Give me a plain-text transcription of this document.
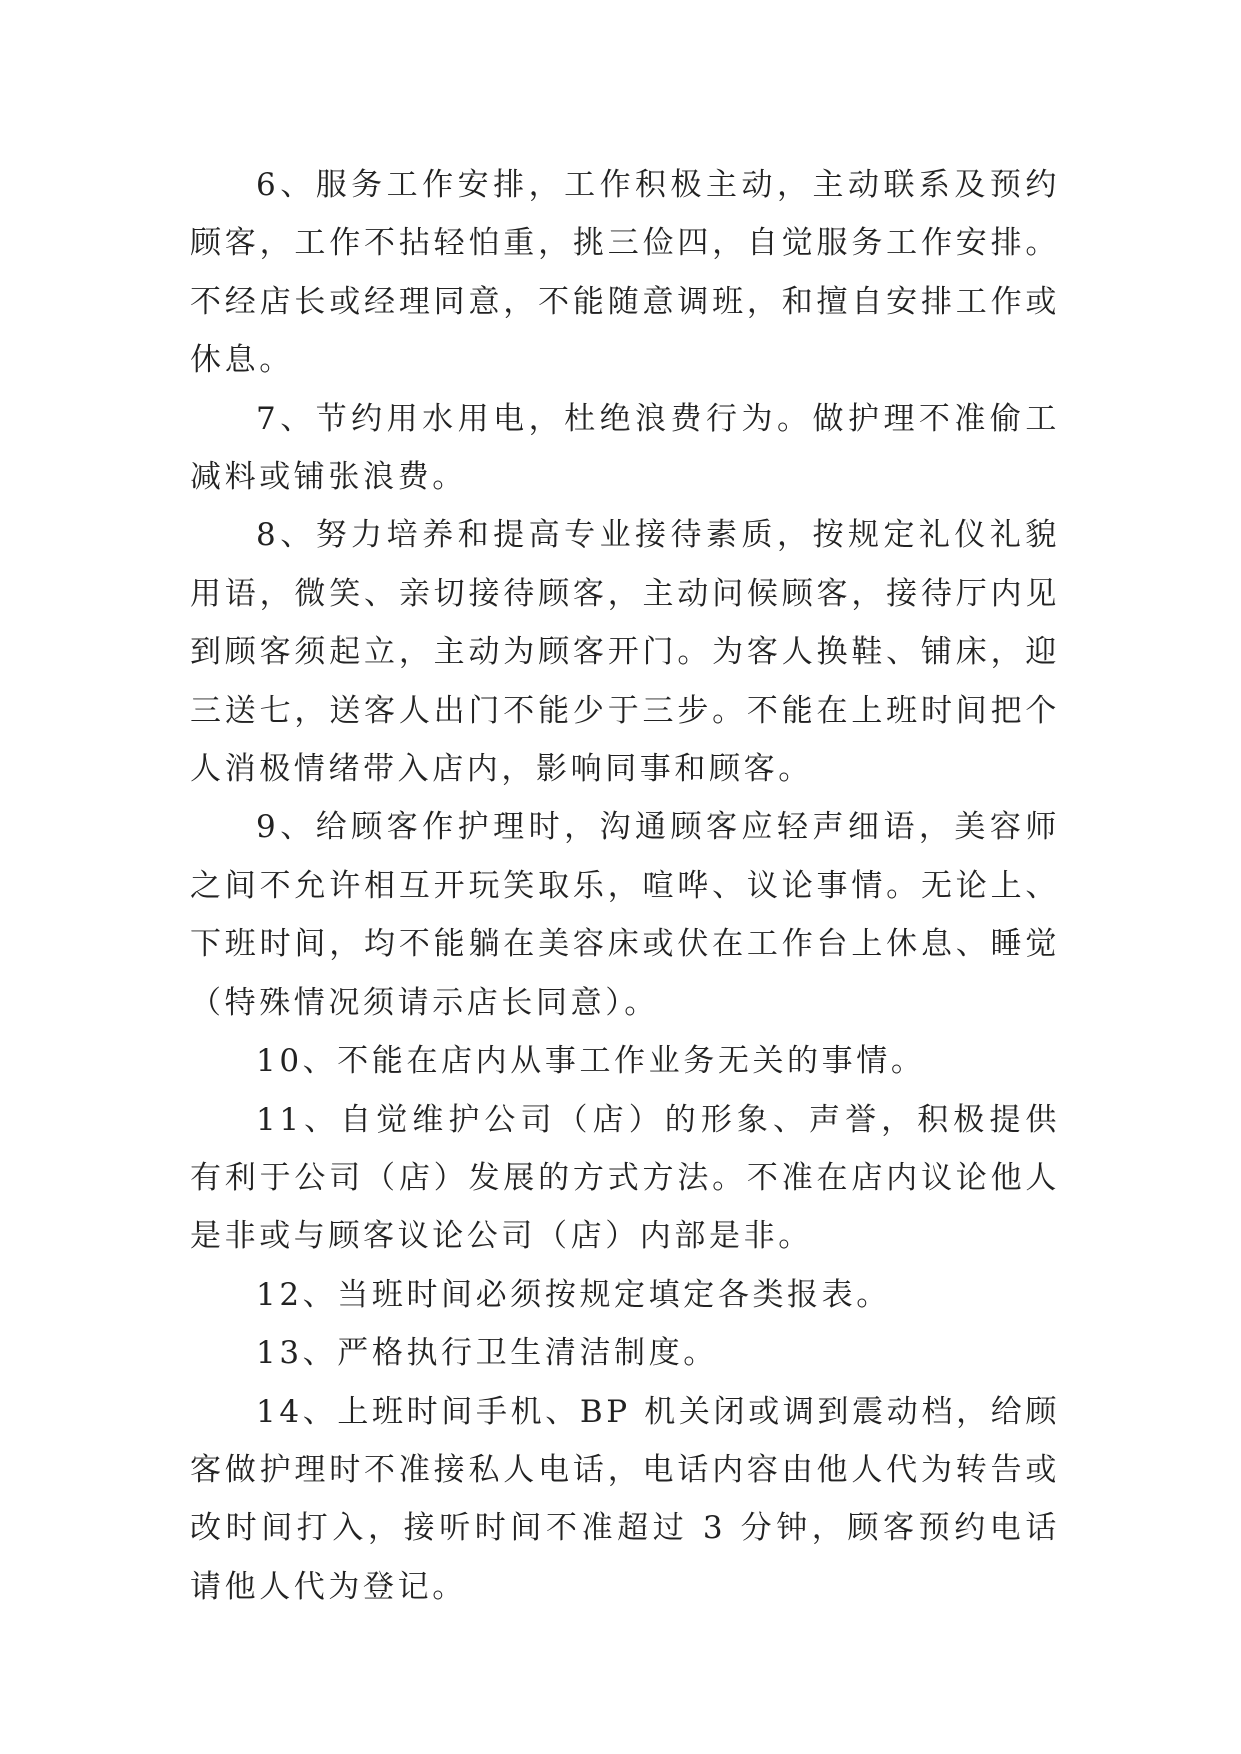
6、服务工作安排，工作积极主动，主动联系及预约顾客，工作不拈轻怕重，挑三俭四，自觉服务工作安排。不经店长或经理同意，不能随意调班，和擅自安排工作或休息。

7、节约用水用电，杜绝浪费行为。做护理不准偷工减料或铺张浪费。

8、努力培养和提高专业接待素质，按规定礼仪礼貌用语，微笑、亲切接待顾客，主动问候顾客，接待厅内见到顾客须起立，主动为顾客开门。为客人换鞋、铺床，迎三送七，送客人出门不能少于三步。不能在上班时间把个人消极情绪带入店内，影响同事和顾客。

9、给顾客作护理时，沟通顾客应轻声细语，美容师之间不允许相互开玩笑取乐，喧哗、议论事情。无论上、下班时间，均不能躺在美容床或伏在工作台上休息、睡觉（特殊情况须请示店长同意）。

10、不能在店内从事工作业务无关的事情。

11、自觉维护公司（店）的形象、声誉，积极提供有利于公司（店）发展的方式方法。不准在店内议论他人是非或与顾客议论公司（店）内部是非。

12、当班时间必须按规定填定各类报表。

13、严格执行卫生清洁制度。

14、上班时间手机、BP 机关闭或调到震动档，给顾客做护理时不准接私人电话，电话内容由他人代为转告或改时间打入，接听时间不准超过 3 分钟，顾客预约电话请他人代为登记。
